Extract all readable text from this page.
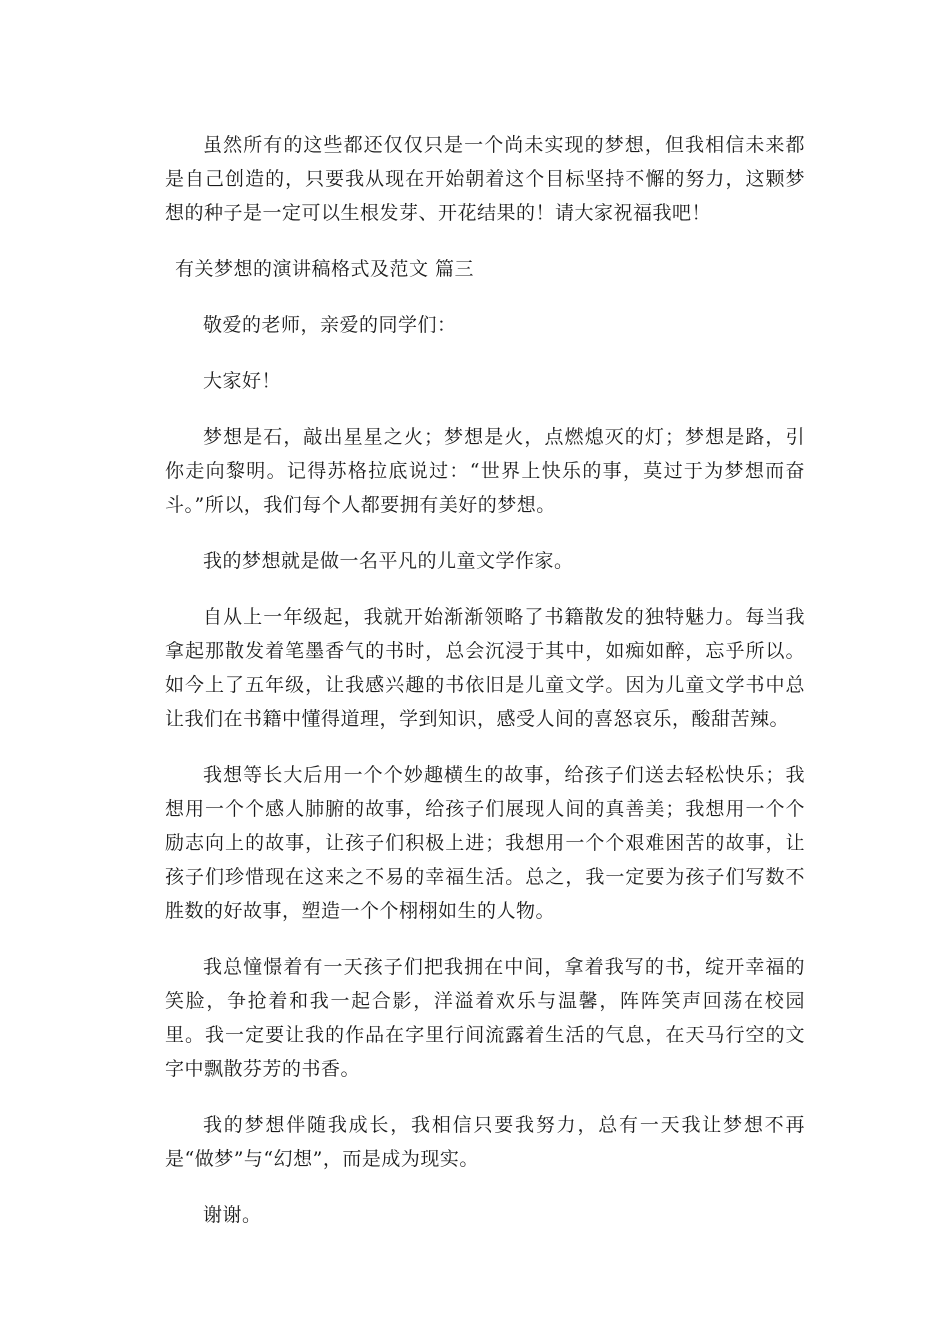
虽然所有的这些都还仅仅只是一个尚未实现的梦想，但我相信未来都是自己创造的，只要我从现在开始朝着这个目标坚持不懈的努力，这颗梦想的种子是一定可以生根发芽、开花结果的！请大家祝福我吧！

有关梦想的演讲稿格式及范文 篇三

敬爱的老师，亲爱的同学们：

大家好！

梦想是石，敲出星星之火；梦想是火，点燃熄灭的灯；梦想是路，引你走向黎明。记得苏格拉底说过：“世界上快乐的事，莫过于为梦想而奋斗。”所以，我们每个人都要拥有美好的梦想。

我的梦想就是做一名平凡的儿童文学作家。

自从上一年级起，我就开始渐渐领略了书籍散发的独特魅力。每当我拿起那散发着笔墨香气的书时，总会沉浸于其中，如痴如醉，忘乎所以。如今上了五年级，让我感兴趣的书依旧是儿童文学。因为儿童文学书中总让我们在书籍中懂得道理，学到知识，感受人间的喜怒哀乐，酸甜苦辣。

我想等长大后用一个个妙趣横生的故事，给孩子们送去轻松快乐；我想用一个个感人肺腑的故事，给孩子们展现人间的真善美；我想用一个个励志向上的故事，让孩子们积极上进；我想用一个个艰难困苦的故事，让孩子们珍惜现在这来之不易的幸福生活。总之，我一定要为孩子们写数不胜数的好故事，塑造一个个栩栩如生的人物。

我总憧憬着有一天孩子们把我拥在中间，拿着我写的书，绽开幸福的笑脸，争抢着和我一起合影，洋溢着欢乐与温馨，阵阵笑声回荡在校园里。我一定要让我的作品在字里行间流露着生活的气息，在天马行空的文字中飘散芬芳的书香。

我的梦想伴随我成长，我相信只要我努力，总有一天我让梦想不再是“做梦”与“幻想”，而是成为现实。

谢谢。
